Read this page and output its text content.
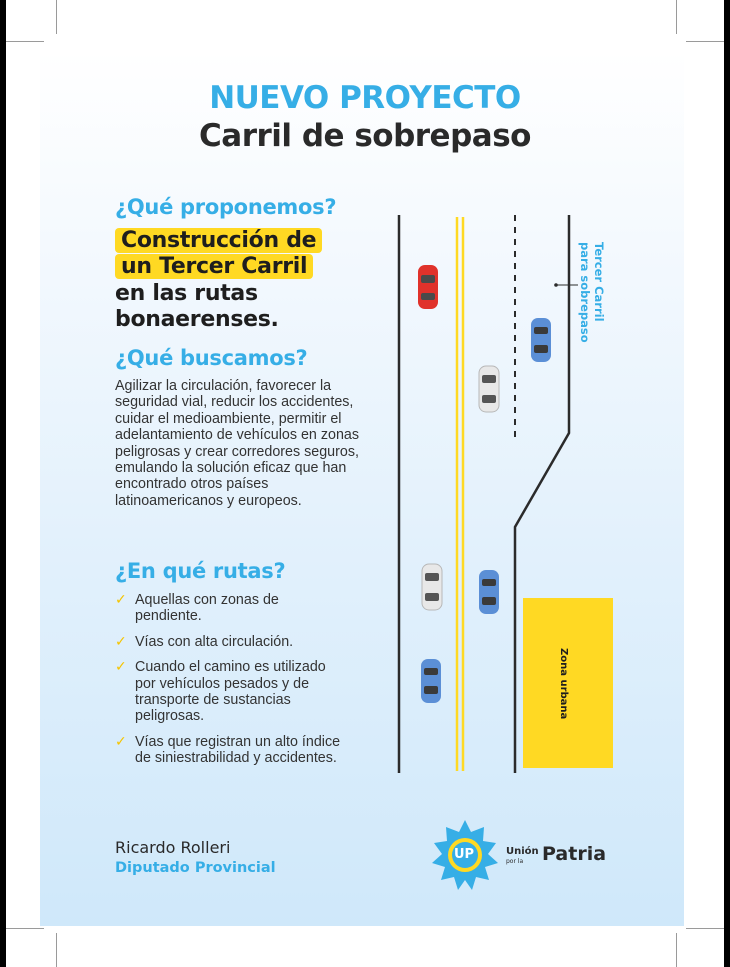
NUEVO PROYECTO
Carril de sobrepaso
¿Qué proponemos?
Construcción de
un Tercer Carril
en las rutas
bonaerenses.
¿Qué buscamos?
Agilizar la circulación, favorecer la seguridad vial, reducir los accidentes, cuidar el medioambiente, permitir el adelantamiento de vehículos en zonas peligrosas y crear corredores seguros, emulando la solución eficaz que han encontrado otros países latinoamericanos y europeos.
¿En qué rutas?
✓ Aquellas con zonas de pendiente.
✓ Vías con alta circulación.
✓ Cuando el camino es utilizado por vehículos pesados y de transporte de sustancias peligrosas.
✓ Vías que registran un alto índice de siniestrabilidad y accidentes.
Tercer Carril
para sobrepaso
Zona urbana
Ricardo Rolleri
Diputado Provincial
UP	Unión
por la Patria
